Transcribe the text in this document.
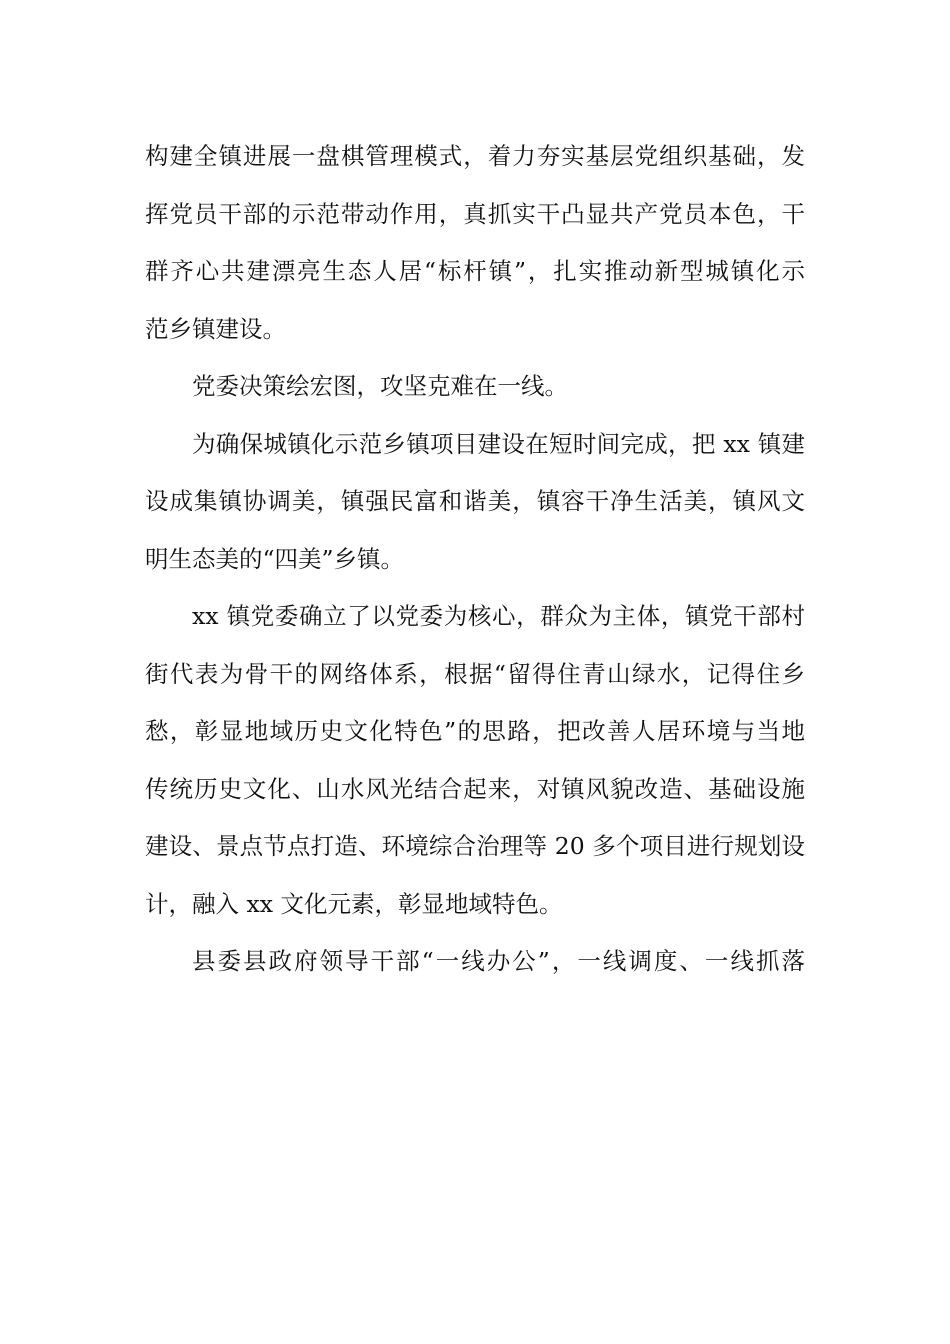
构建全镇进展一盘棋管理模式，着力夯实基层党组织基础，发
挥党员干部的示范带动作用，真抓实干凸显共产党员本色，干
群齐心共建漂亮生态人居“标杆镇”，扎实推动新型城镇化示
范乡镇建设。
党委决策绘宏图，攻坚克难在一线。
为确保城镇化示范乡镇项目建设在短时间完成，把 xx 镇建
设成集镇协调美，镇强民富和谐美，镇容干净生活美，镇风文
明生态美的“四美”乡镇。
xx 镇党委确立了以党委为核心，群众为主体，镇党干部村
街代表为骨干的网络体系，根据“留得住青山绿水，记得住乡
愁，彰显地域历史文化特色”的思路，把改善人居环境与当地
传统历史文化、山水风光结合起来，对镇风貌改造、基础设施
建设、景点节点打造、环境综合治理等 20 多个项目进行规划设
计，融入 xx 文化元素，彰显地域特色。
县委县政府领导干部“一线办公”，一线调度、一线抓落
